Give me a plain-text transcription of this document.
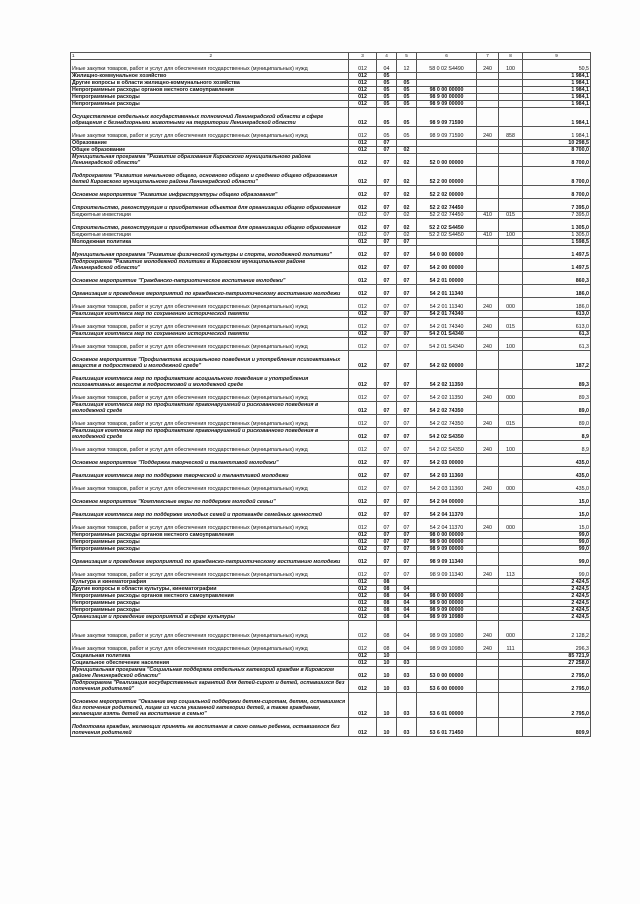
1 2	3	4	5	6	7	8	9
Иные закупки товаров, работ и услуг для обеспечения государственных (муниципальных) нужд	012	04	12	58 0 02 S4490	240	100	50,5
Жилищно-коммунальное хозяйство	012	05					1 984,1
Другие вопросы в области жилищно-коммунального хозяйства	012	05	05				1 984,1
Непрограммные расходы органов местного самоуправления	012	05	05	98 0 00 00000			1 984,1
Непрограммные расходы	012	05	05	98 9 00 00000			1 984,1
Непрограммные расходы	012	05	05	98 9 09 00000			1 984,1
Осуществление отдельных государственных полномочий Ленинградской области в сфере обращения с безнадзорными животными на территории Ленинградской области	012	05	05	98 9 09 71590			1 984,1
Иные закупки товаров, работ и услуг для обеспечения государственных (муниципальных) нужд	012	05	05	98 9 09 71590	240	858	1 984,1
Образование	012	07					10 298,5
Общее образование	012	07	02				8 700,0
Муниципальная программа "Развитие образования Кировского муниципального района Ленинградской области"	012	07	02	52 0 00 00000			8 700,0
Подпрограмма "Развитие начального общего, основного общего и среднего общего образования детей Кировского муниципального района Ленинградской области"	012	07	02	52 2 00 00000			8 700,0
Основное мероприятие "Развитие инфраструктуры общего образования"	012	07	02	52 2 02 00000			8 700,0
Строительство, реконструкция и приобретение объектов для организации общего образования	012	07	02	52 2 02 74450			7 395,0
Бюджетные инвестиции	012	07	02	52 2 02 74450	410	015	7 395,0
Строительство, реконструкция и приобретение объектов для организации общего образования	012	07	02	52 2 02 S4450			1 305,0
Бюджетные инвестиции	012	07	02	52 2 02 S4450	410	100	1 305,0
Молодежная политика	012	07	07				1 598,5
Муниципальная программа "Развитие физической культуры и спорта, молодежной политики"	012	07	07	54 0 00 00000			1 497,5
Подпрограмма "Развитие молодежной политики в Кировском муниципальном районе Ленинградской области"	012	07	07	54 2 00 00000			1 497,5
Основное мероприятие "Гражданско-патриотическое воспитание молодежи"	012	07	07	54 2 01 00000			860,3
Организация и проведение мероприятий по гражданско-патриотическому воспитанию молодежи	012	07	07	54 2 01 11340			186,0
Иные закупки товаров, работ и услуг для обеспечения государственных (муниципальных) нужд	012	07	07	54 2 01 11340	240	000	186,0
Реализация комплекса мер по сохранению исторической памяти	012	07	07	54 2 01 74340			613,0
Иные закупки товаров, работ и услуг для обеспечения государственных (муниципальных) нужд	012	07	07	54 2 01 74340	240	015	613,0
Реализация комплекса мер по сохранению исторической памяти	012	07	07	54 2 01 S4340			61,3
Иные закупки товаров, работ и услуг для обеспечения государственных (муниципальных) нужд	012	07	07	54 2 01 S4340	240	100	61,3
Основное мероприятие "Профилактика асоциального поведения и употребления психоактивных веществ в подростковой и молодежной среде"	012	07	07	54 2 02 00000			187,2
Реализация комплекса мер по профилактике асоциального поведения и употребления психоактивных веществ в подростковой и молодежной среде	012	07	07	54 2 02 11350			89,3
Иные закупки товаров, работ и услуг для обеспечения государственных (муниципальных) нужд	012	07	07	54 2 02 11350	240	000	89,3
Реализация комплекса мер по профилактике правонарушений и рискованного поведения в молодежной среде	012	07	07	54 2 02 74350			89,0
Иные закупки товаров, работ и услуг для обеспечения государственных (муниципальных) нужд	012	07	07	54 2 02 74350	240	015	89,0
Реализация комплекса мер по профилактике правонарушений и рискованного поведения в молодежной среде	012	07	07	54 2 02 S4350			8,9
Иные закупки товаров, работ и услуг для обеспечения государственных (муниципальных) нужд	012	07	07	54 2 02 S4350	240	100	8,9
Основное мероприятие "Поддержка творческой и талантливой молодежи"	012	07	07	54 2 03 00000			435,0
Реализация комплекса мер по поддержке творческой и талантливой молодежи	012	07	07	54 2 03 11360			435,0
Иные закупки товаров, работ и услуг для обеспечения государственных (муниципальных) нужд	012	07	07	54 2 03 11360	240	000	435,0
Основное мероприятие "Комплексные меры по поддержке молодой семьи"	012	07	07	54 2 04 00000			15,0
Реализация комплекса мер по поддержке молодых семей и пропаганде семейных ценностей	012	07	07	54 2 04 11370			15,0
Иные закупки товаров, работ и услуг для обеспечения государственных (муниципальных) нужд	012	07	07	54 2 04 11370	240	000	15,0
Непрограммные расходы органов местного самоуправления	012	07	07	98 0 00 00000			99,0
Непрограммные расходы	012	07	07	98 9 00 00000			99,0
Непрограммные расходы	012	07	07	98 9 09 00000			99,0
Организация и проведение мероприятий по гражданско-патриотическому воспитанию молодежи	012	07	07	98 9 09 11340			99,0
Иные закупки товаров, работ и услуг для обеспечения государственных (муниципальных) нужд	012	07	07	98 9 09 11340	240	113	99,0
Культура и кинематография	012	08					2 424,5
Другие вопросы в области культуры, кинематографии	012	08	04				2 424,5
Непрограммные расходы органов местного самоуправления	012	08	04	98 0 00 00000			2 424,5
Непрограммные расходы	012	08	04	98 9 00 00000			2 424,5
Непрограммные расходы	012	08	04	98 9 09 00000			2 424,5
Организация и проведение мероприятий в сфере культуры	012	08	04	98 9 09 10980			2 424,5
Иные закупки товаров, работ и услуг для обеспечения государственных (муниципальных) нужд	012	08	04	98 9 09 10980	240	000	2 128,2
Иные закупки товаров, работ и услуг для обеспечения государственных (муниципальных) нужд	012	08	04	98 9 09 10980	240	111	296,3
Социальная политика	012	10					85 721,9
Социальное обеспечение населения	012	10	03				27 258,0
Муниципальная программа "Социальная поддержка отдельных категорий граждан в Кировском районе Ленинградской области"	012	10	03	53 0 00 00000			2 795,0
Подпрограмма "Реализация государственных гарантий для детей-сирот и детей, оставшихся без попечения родителей"	012	10	03	53 6 00 00000			2 795,0
Основное мероприятие "Оказание мер социальной поддержки детям-сиротам, детям, оставшимся без попечения родителей, лицам из числа указанной категории детей, а также гражданам, желающим взять детей на воспитание в семью"	012	10	03	53 6 01 00000			2 795,0
Подготовка граждан, желающих принять на воспитание в свою семью ребенка, оставшегося без попечения родителей	012	10	03	53 6 01 71450			809,9
